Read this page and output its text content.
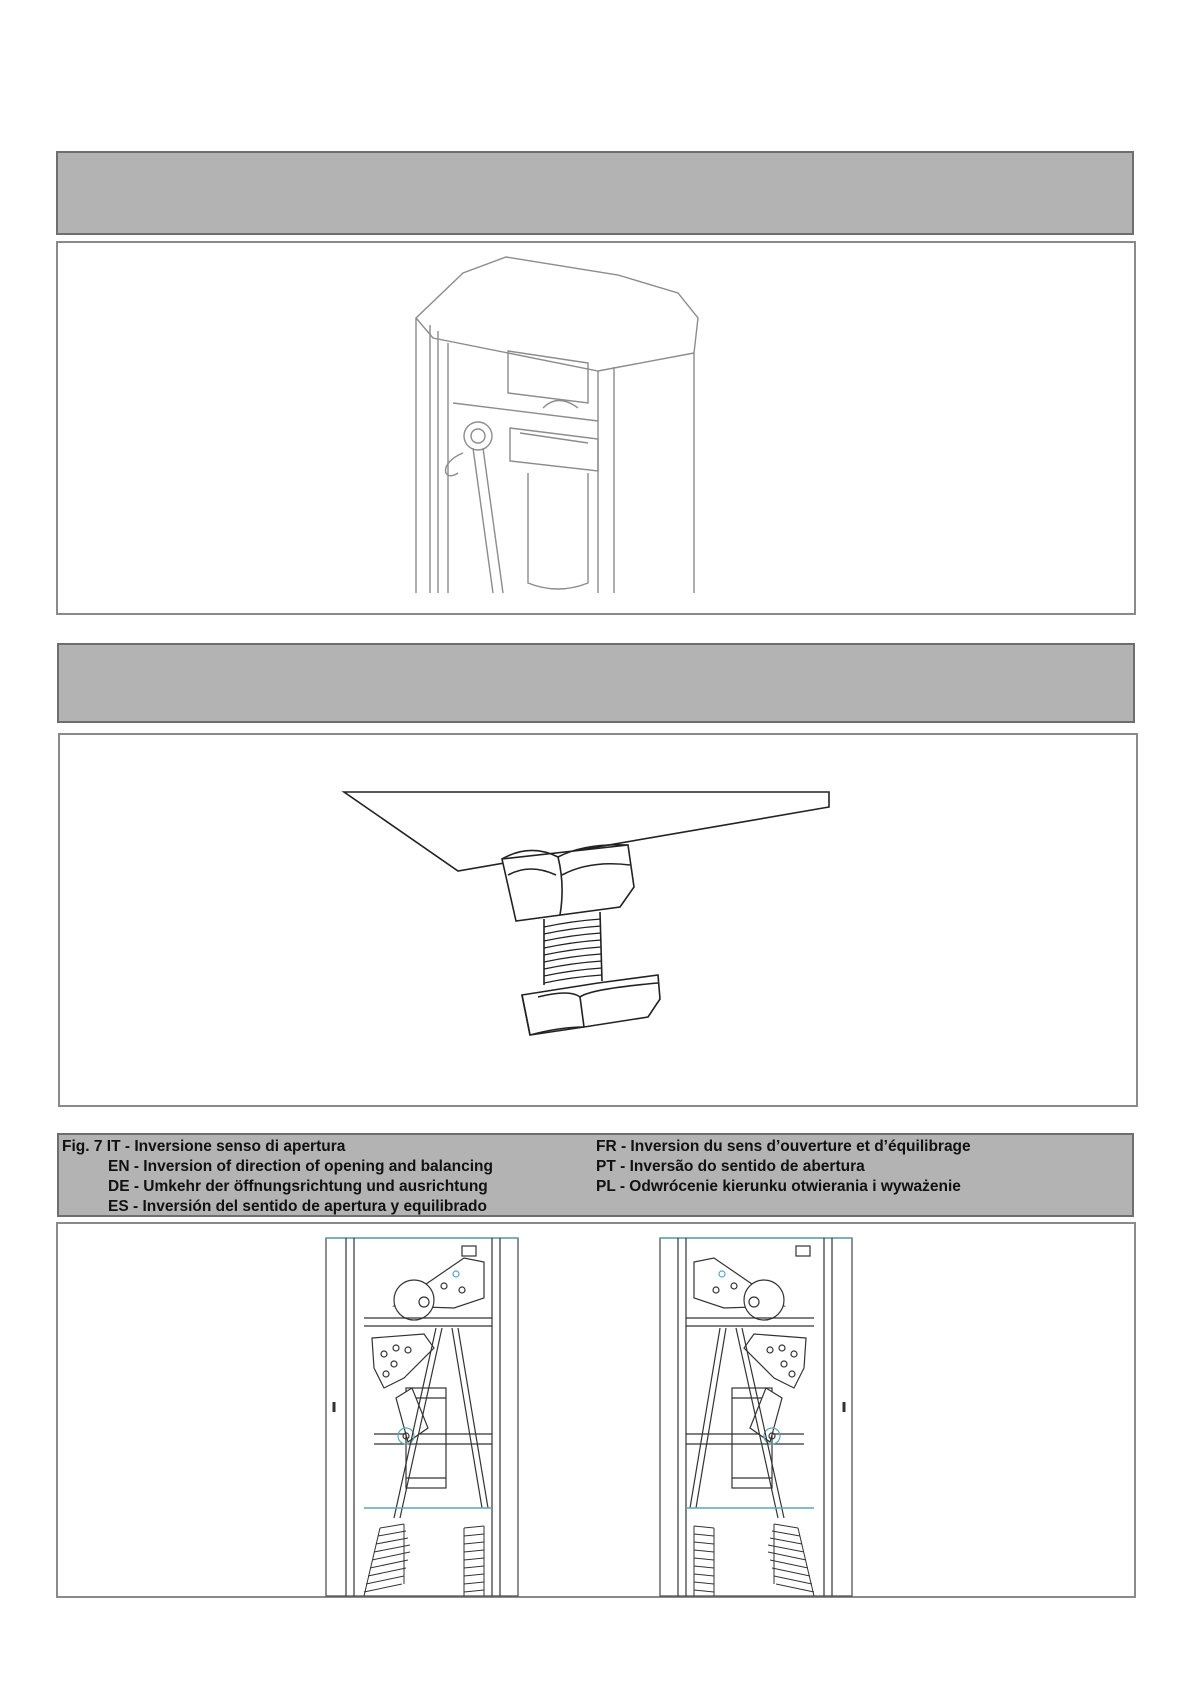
Fig. 7 IT - Inversione senso di apertura
EN - Inversion of direction of opening and balancing
DE - Umkehr der öffnungsrichtung und ausrichtung
ES - Inversión del sentido de apertura y equilibrado
FR - Inversion du sens d’ouverture et d’équilibrage
PT - Inversão do sentido de abertura
PL - Odwrócenie kierunku otwierania i wyważenie
